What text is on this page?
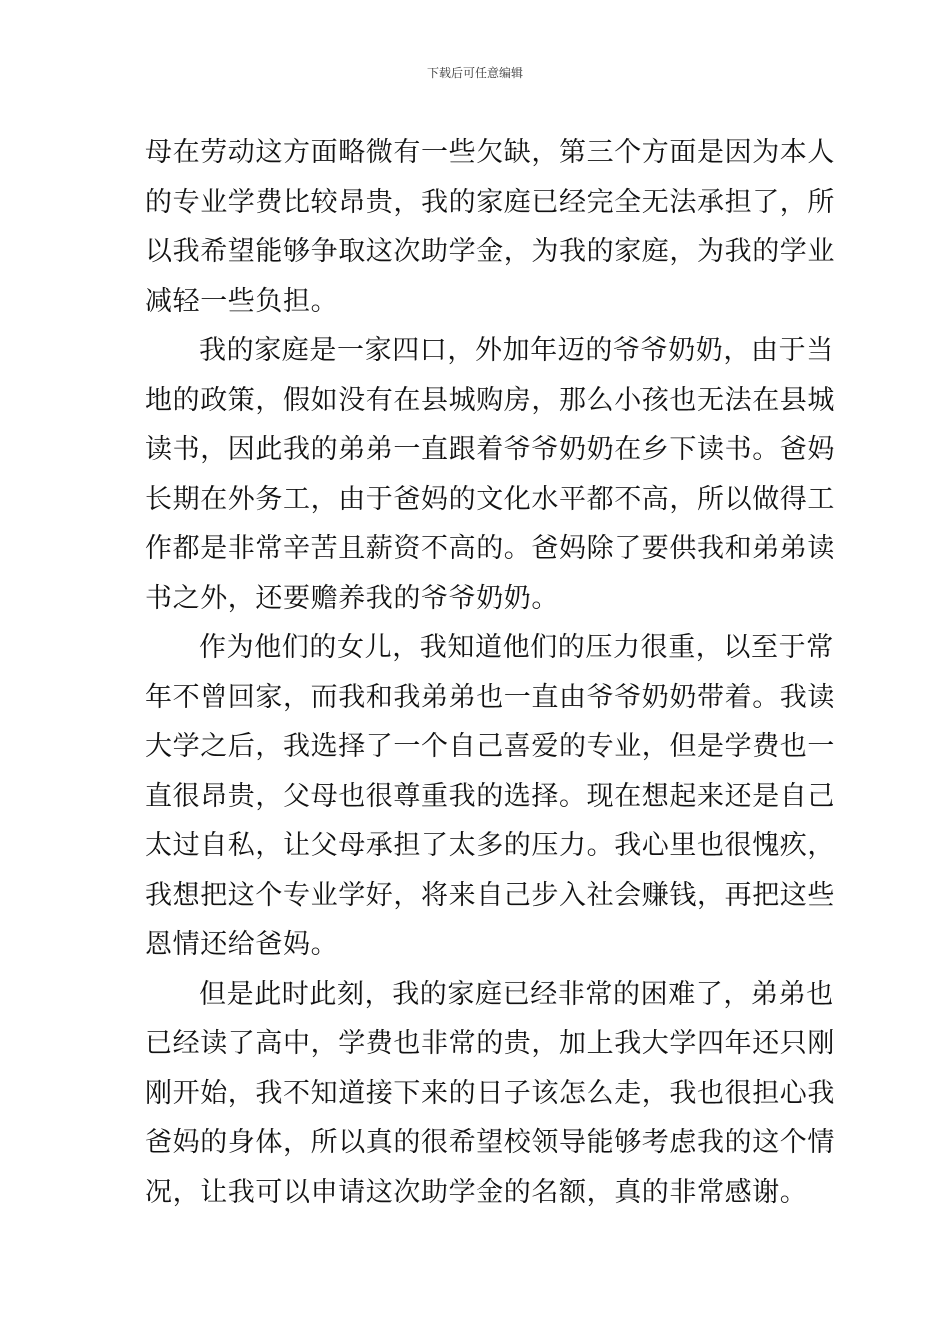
下载后可任意编辑
母在劳动这方面略微有一些欠缺，第三个方面是因为本人
的专业学费比较昂贵，我的家庭已经完全无法承担了，所
以我希望能够争取这次助学金，为我的家庭，为我的学业
减轻一些负担。
我的家庭是一家四口，外加年迈的爷爷奶奶，由于当
地的政策，假如没有在县城购房，那么小孩也无法在县城
读书，因此我的弟弟一直跟着爷爷奶奶在乡下读书。爸妈
长期在外务工，由于爸妈的文化水平都不高，所以做得工
作都是非常辛苦且薪资不高的。爸妈除了要供我和弟弟读
书之外，还要赡养我的爷爷奶奶。
作为他们的女儿，我知道他们的压力很重，以至于常
年不曾回家，而我和我弟弟也一直由爷爷奶奶带着。我读
大学之后，我选择了一个自己喜爱的专业，但是学费也一
直很昂贵，父母也很尊重我的选择。现在想起来还是自己
太过自私，让父母承担了太多的压力。我心里也很愧疚，
我想把这个专业学好，将来自己步入社会赚钱，再把这些
恩情还给爸妈。
但是此时此刻，我的家庭已经非常的困难了，弟弟也
已经读了高中，学费也非常的贵，加上我大学四年还只刚
刚开始，我不知道接下来的日子该怎么走，我也很担心我
爸妈的身体，所以真的很希望校领导能够考虑我的这个情
况，让我可以申请这次助学金的名额，真的非常感谢。
